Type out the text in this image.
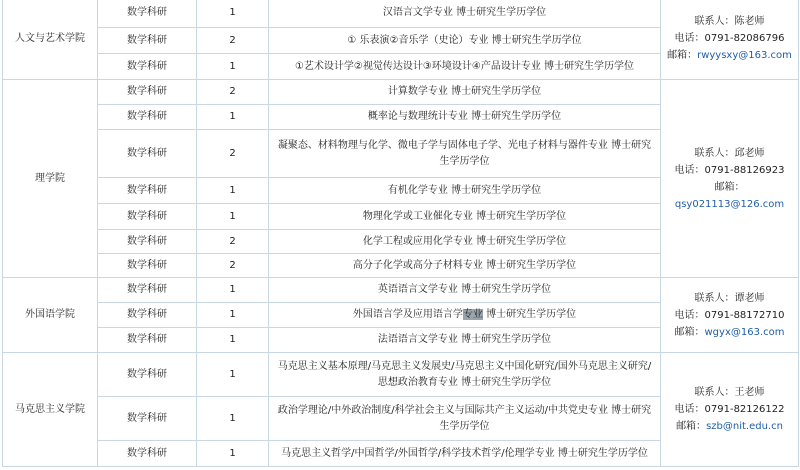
人文与艺术学院	数学科研	1	汉语言文学专业 博士研究生学历学位	联系人：陈老师
电话：0791-82086796
邮箱：rwyysxy@163.com

	数学科研	2	① 乐表演②音乐学（史论）专业 博士研究生学历学位	
	数学科研	1	①艺术设计学②视觉传达设计③环境设计④产品设计专业 博士研究生学历学位	
理学院	数学科研	2	计算数学专业 博士研究生学历学位	联系人：邱老师
电话：0791-88126923
邮箱：
qsy021113@126.com

	数学科研	1	概率论与数理统计专业 博士研究生学历学位	
	数学科研	2	凝聚态、材料物理与化学、微电子学与固体电子学、光电子材料与器件专业 博士研究生学历学位	
	数学科研	1	有机化学专业 博士研究生学历学位	
	数学科研	1	物理化学或工业催化专业 博士研究生学历学位	
	数学科研	2	化学工程或应用化学专业 博士研究生学历学位	
	数学科研	2	高分子化学或高分子材料专业 博士研究生学历学位	
外国语学院	数学科研	1	英语语言文学专业 博士研究生学历学位	联系人：谭老师
电话：0791-88172710
邮箱：wgyx@163.com

	数学科研	1	外国语言学及应用语言学专业 博士研究生学历学位	
	数学科研	1	法语语言文学专业 博士研究生学历学位	
马克思主义学院	数学科研	1	马克思主义基本原理/马克思主义发展史/马克思主义中国化研究/国外马克思主义研究/思想政治教育专业 博士研究生学历学位	联系人：王老师
电话：0791-82126122
邮箱：szb@nit.edu.cn

	数学科研	1	政治学理论/中外政治制度/科学社会主义与国际共产主义运动/中共党史专业 博士研究生学历学位	
	数学科研	1	马克思主义哲学/中国哲学/外国哲学/科学技术哲学/伦理学专业 博士研究生学历学位	
